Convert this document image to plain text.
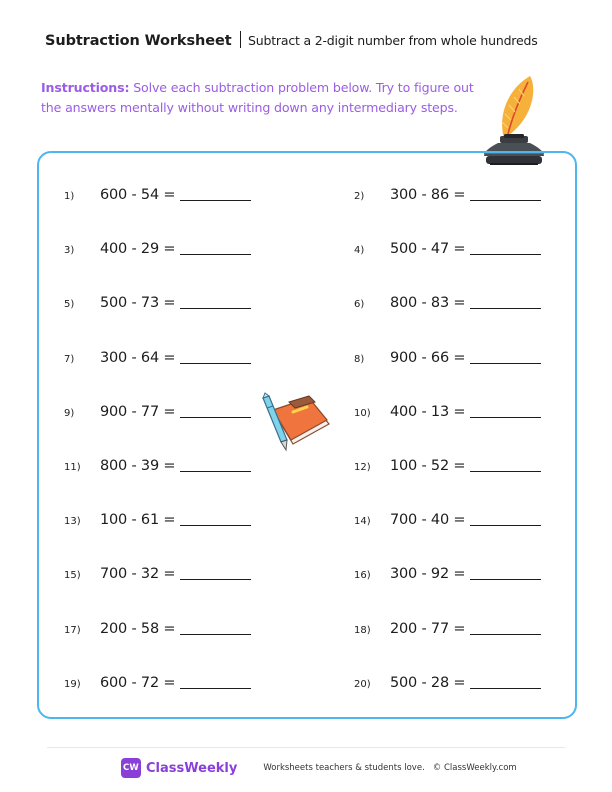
Subtraction Worksheet Subtract a 2-digit number from whole hundreds
Instructions: Solve each subtraction problem below. Try to figure out the answers mentally without writing down any intermediary steps.
1)	600 - 54 =	2)	300 - 86 =
3)	400 - 29 =	4)	500 - 47 =
5)	500 - 73 =	6)	800 - 83 =
7)	300 - 64 =	8)	900 - 66 =
9)	900 - 77 =	10)	400 - 13 =
11)	800 - 39 =	12)	100 - 52 =
13)	100 - 61 =	14)	700 - 40 =
15)	700 - 32 =	16)	300 - 92 =
17)	200 - 58 =	18)	200 - 77 =
19)	600 - 72 =	20)	500 - 28 =
CW ClassWeekly	Worksheets teachers & students love. © ClassWeekly.com
